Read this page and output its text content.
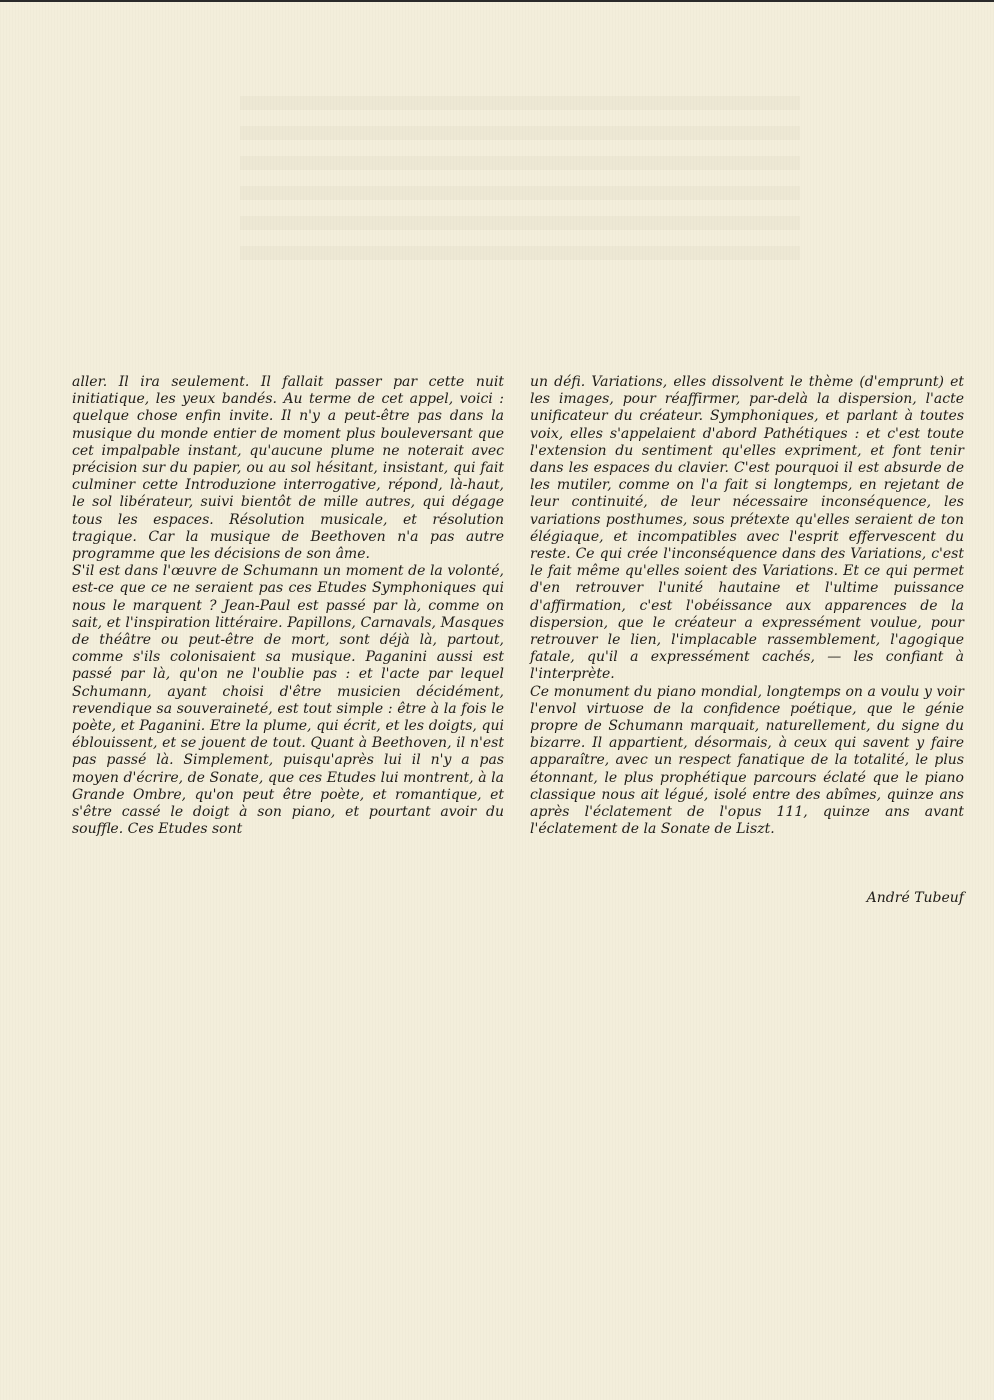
aller. Il ira seulement. Il fallait passer par cette nuit initiatique, les yeux bandés. Au terme de cet appel, voici : quelque chose enfin invite. Il n'y a peut-être pas dans la musique du monde entier de moment plus bouleversant que cet impalpable instant, qu'aucune plume ne noterait avec précision sur du papier, ou au sol hésitant, insistant, qui fait culminer cette Introduzione interrogative, répond, là-haut, le sol libérateur, suivi bientôt de mille autres, qui dégage tous les espaces. Résolution musicale, et résolution tragique. Car la musique de Beethoven n'a pas autre programme que les décisions de son âme.

S'il est dans l'œuvre de Schumann un moment de la volonté, est-ce que ce ne seraient pas ces Etudes Symphoniques qui nous le marquent ? Jean-Paul est passé par là, comme on sait, et l'inspiration littéraire. Papillons, Carnavals, Masques de théâtre ou peut-être de mort, sont déjà là, partout, comme s'ils colonisaient sa musique. Paganini aussi est passé par là, qu'on ne l'oublie pas : et l'acte par lequel Schumann, ayant choisi d'être musicien décidément, revendique sa souveraineté, est tout simple : être à la fois le poète, et Paganini. Etre la plume, qui écrit, et les doigts, qui éblouissent, et se jouent de tout. Quant à Beethoven, il n'est pas passé là. Simplement, puisqu'après lui il n'y a pas moyen d'écrire, de Sonate, que ces Etudes lui montrent, à la Grande Ombre, qu'on peut être poète, et romantique, et s'être cassé le doigt à son piano, et pourtant avoir du souffle. Ces Etudes sont

un défi. Variations, elles dissolvent le thème (d'emprunt) et les images, pour réaffirmer, par-delà la dispersion, l'acte unificateur du créateur. Symphoniques, et parlant à toutes voix, elles s'appelaient d'abord Pathétiques : et c'est toute l'extension du sentiment qu'elles expriment, et font tenir dans les espaces du clavier. C'est pourquoi il est absurde de les mutiler, comme on l'a fait si longtemps, en rejetant de leur continuité, de leur nécessaire inconséquence, les variations posthumes, sous prétexte qu'elles seraient de ton élégiaque, et incompatibles avec l'esprit effervescent du reste. Ce qui crée l'inconséquence dans des Variations, c'est le fait même qu'elles soient des Variations. Et ce qui permet d'en retrouver l'unité hautaine et l'ultime puissance d'affirmation, c'est l'obéissance aux apparences de la dispersion, que le créateur a expressément voulue, pour retrouver le lien, l'implacable rassemblement, l'agogique fatale, qu'il a expressément cachés, — les confiant à l'interprète.

Ce monument du piano mondial, longtemps on a voulu y voir l'envol virtuose de la confidence poétique, que le génie propre de Schumann marquait, naturellement, du signe du bizarre. Il appartient, désormais, à ceux qui savent y faire apparaître, avec un respect fanatique de la totalité, le plus étonnant, le plus prophétique parcours éclaté que le piano classique nous ait légué, isolé entre des abîmes, quinze ans après l'éclatement de l'opus 111, quinze ans avant l'éclatement de la Sonate de Liszt.

André Tubeuf
